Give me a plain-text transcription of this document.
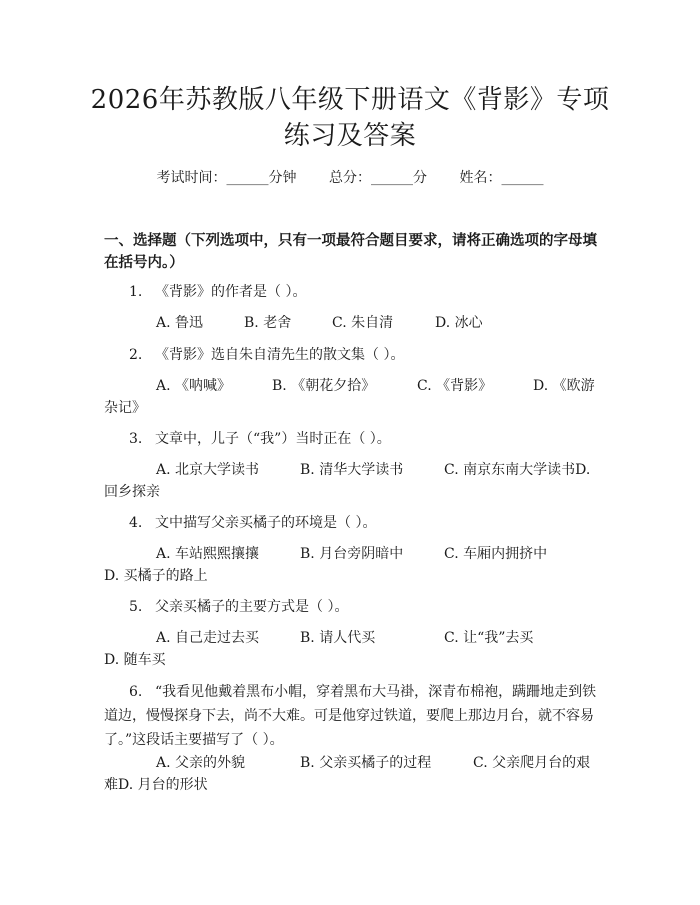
2026年苏教版八年级下册语文《背影》专项
练习及答案
考试时间：______分钟 总分：______分 姓名：______
一、选择题（下列选项中，只有一项最符合题目要求，请将正确选项的字母填在括号内。）
1. 《背影》的作者是（ ）。
A. 鲁迅	B. 老舍	C. 朱自清	D. 冰心
2. 《背影》选自朱自清先生的散文集（ ）。
A. 《呐喊》	B. 《朝花夕拾》	C. 《背影》	D. 《欧游杂记》
3. 文章中，儿子（“我”）当时正在（ ）。
A. 北京大学读书	B. 清华大学读书	C. 南京东南大学读书D. 回乡探亲
4. 文中描写父亲买橘子的环境是（ ）。
A. 车站熙熙攘攘	B. 月台旁阴暗中	C. 车厢内拥挤中D. 买橘子的路上
5. 父亲买橘子的主要方式是（ ）。
A. 自己走过去买	B. 请人代买	C. 让“我”去买D. 随车买
6. “我看见他戴着黑布小帽，穿着黑布大马褂，深青布棉袍，蹒跚地走到铁道边，慢慢探身下去，尚不大难。可是他穿过铁道，要爬上那边月台，就不容易了。”这段话主要描写了（ ）。
A. 父亲的外貌	B. 父亲买橘子的过程	C. 父亲爬月台的艰难D. 月台的形状
